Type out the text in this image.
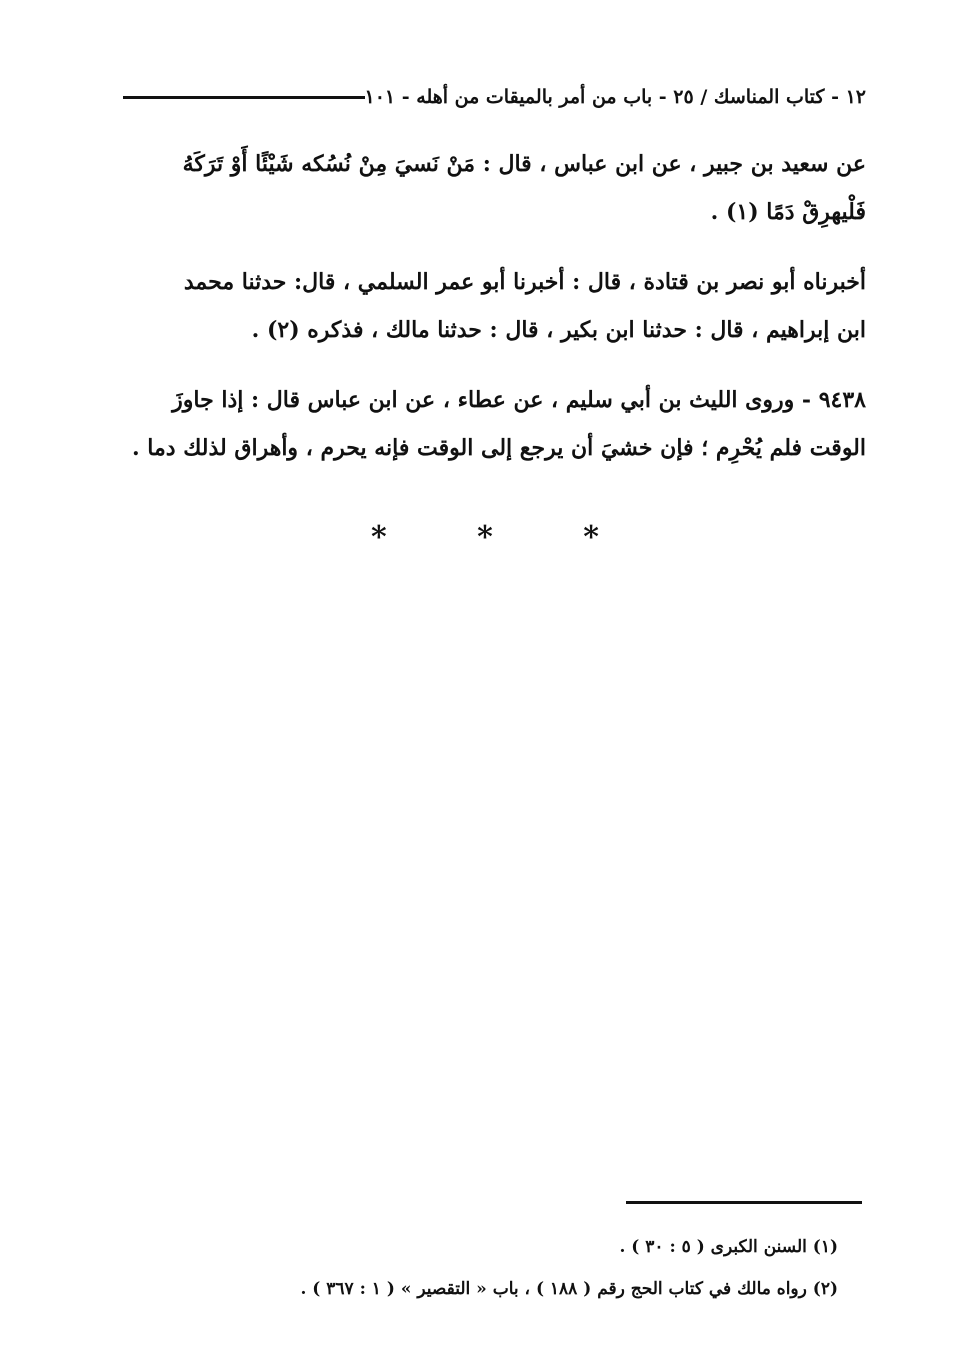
١٢ - كتاب المناسك / ٢٥ - باب من أمر بالميقات من أهله - ١٠١
عن سعيد بن جبير ، عن ابن عباس ، قال : مَنْ نَسيَ مِنْ نُسُكه شَيْئًا أَوْ تَرَكَهُ
فَلْيهرِقْ دَمًا (١) .
أخبرناه أبو نصر بن قتادة ، قال : أخبرنا أبو عمر السلمي ، قال: حدثنا محمد
ابن إبراهيم ، قال : حدثنا ابن بكير ، قال : حدثنا مالك ، فذكره (٢) .
٩٤٣٨ - وروى الليث بن أبي سليم ، عن عطاء ، عن ابن عباس قال : إذا جاوزَ
الوقت فلم يُحْرِم ؛ فإن خشيَ أن يرجع إلى الوقت فإنه يحرم ، وأهراق لذلك دما .
* * *
(١) السنن الكبرى ( ٥ : ٣٠ ) .
(٢) رواه مالك في كتاب الحج رقم ( ١٨٨ ) ، باب « التقصير » ( ١ : ٣٦٧ ) .
